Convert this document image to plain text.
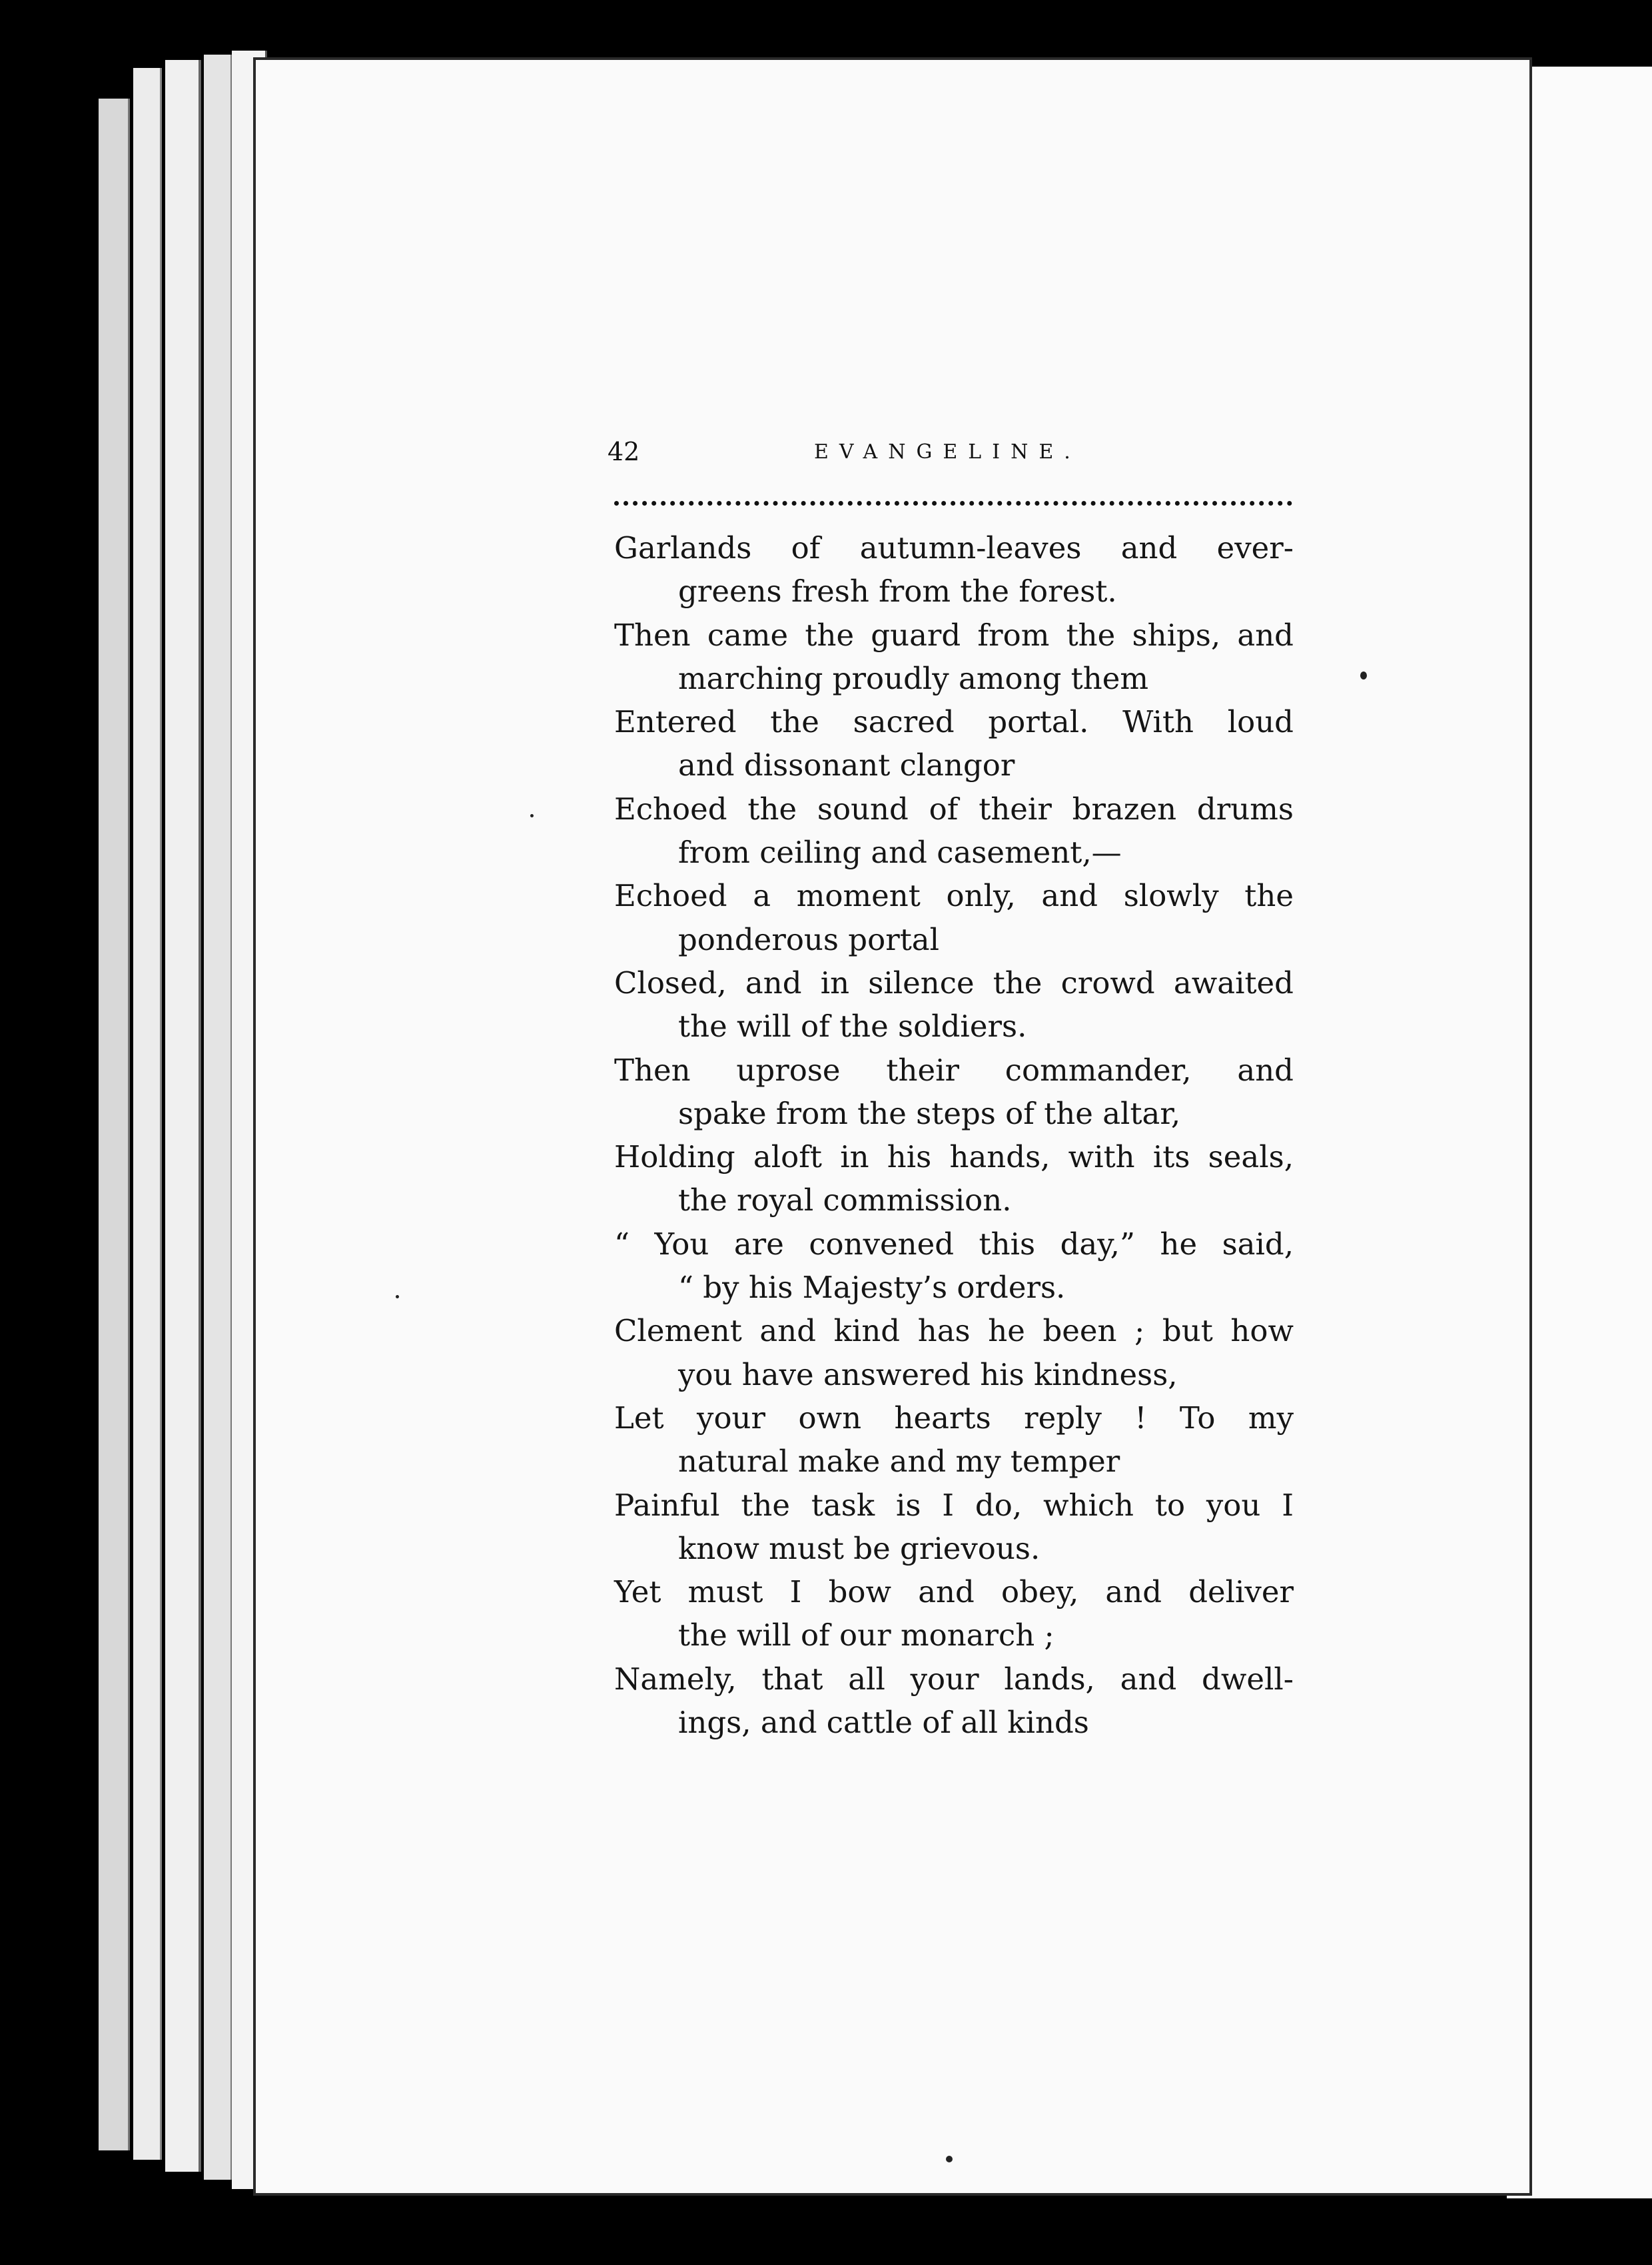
42	EVANGELINE.
Garlands of autumn-leaves and ever-
greens fresh from the forest.
Then came the guard from the ships, and
marching proudly among them
Entered the sacred portal. With loud
and dissonant clangor
Echoed the sound of their brazen drums
from ceiling and casement,—
Echoed a moment only, and slowly the
ponderous portal
Closed, and in silence the crowd awaited
the will of the soldiers.
Then uprose their commander, and
spake from the steps of the altar,
Holding aloft in his hands, with its seals,
the royal commission.
“ You are convened this day,” he said,
“ by his Majesty’s orders.
Clement and kind has he been ; but how
you have answered his kindness,
Let your own hearts reply ! To my
natural make and my temper
Painful the task is I do, which to you I
know must be grievous.
Yet must I bow and obey, and deliver
the will of our monarch ;
Namely, that all your lands, and dwell-
ings, and cattle of all kinds
